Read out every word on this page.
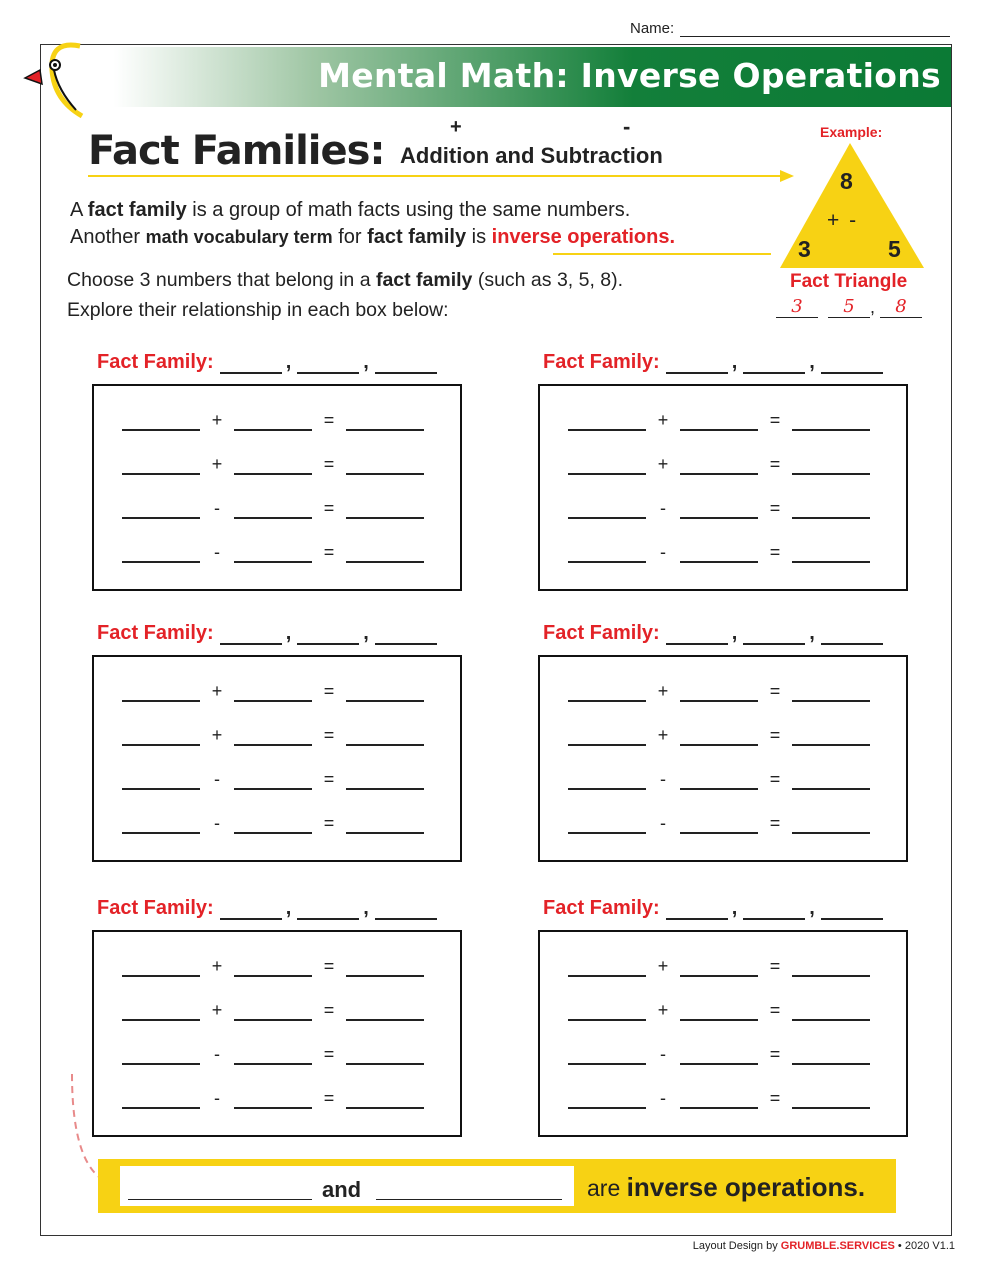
Name:
Mental Math: Inverse Operations
Fact Families:
+	-
Addition and Subtraction
A fact family is a group of math facts using the same numbers.
Another math vocabulary term for fact family is inverse operations.
Example:
8
+ -
3	5
Fact Triangle
3	5 ,	8
Choose 3 numbers that belong in a fact family (such as 3, 5, 8).
Explore their relationship in each box below:
Fact Family:	,	,
+	=
+	=
-	=
-	=
Fact Family:	,	,
+	=
+	=
-	=
-	=
Fact Family:	,	,
+	=
+	=
-	=
-	=
Fact Family:	,	,
+	=
+	=
-	=
-	=
Fact Family:	,	,
+	=
+	=
-	=
-	=
Fact Family:	,	,
+	=
+	=
-	=
-	=
and	are inverse operations.
Layout Design by GRUMBLE.SERVICES • 2020 V1.1
